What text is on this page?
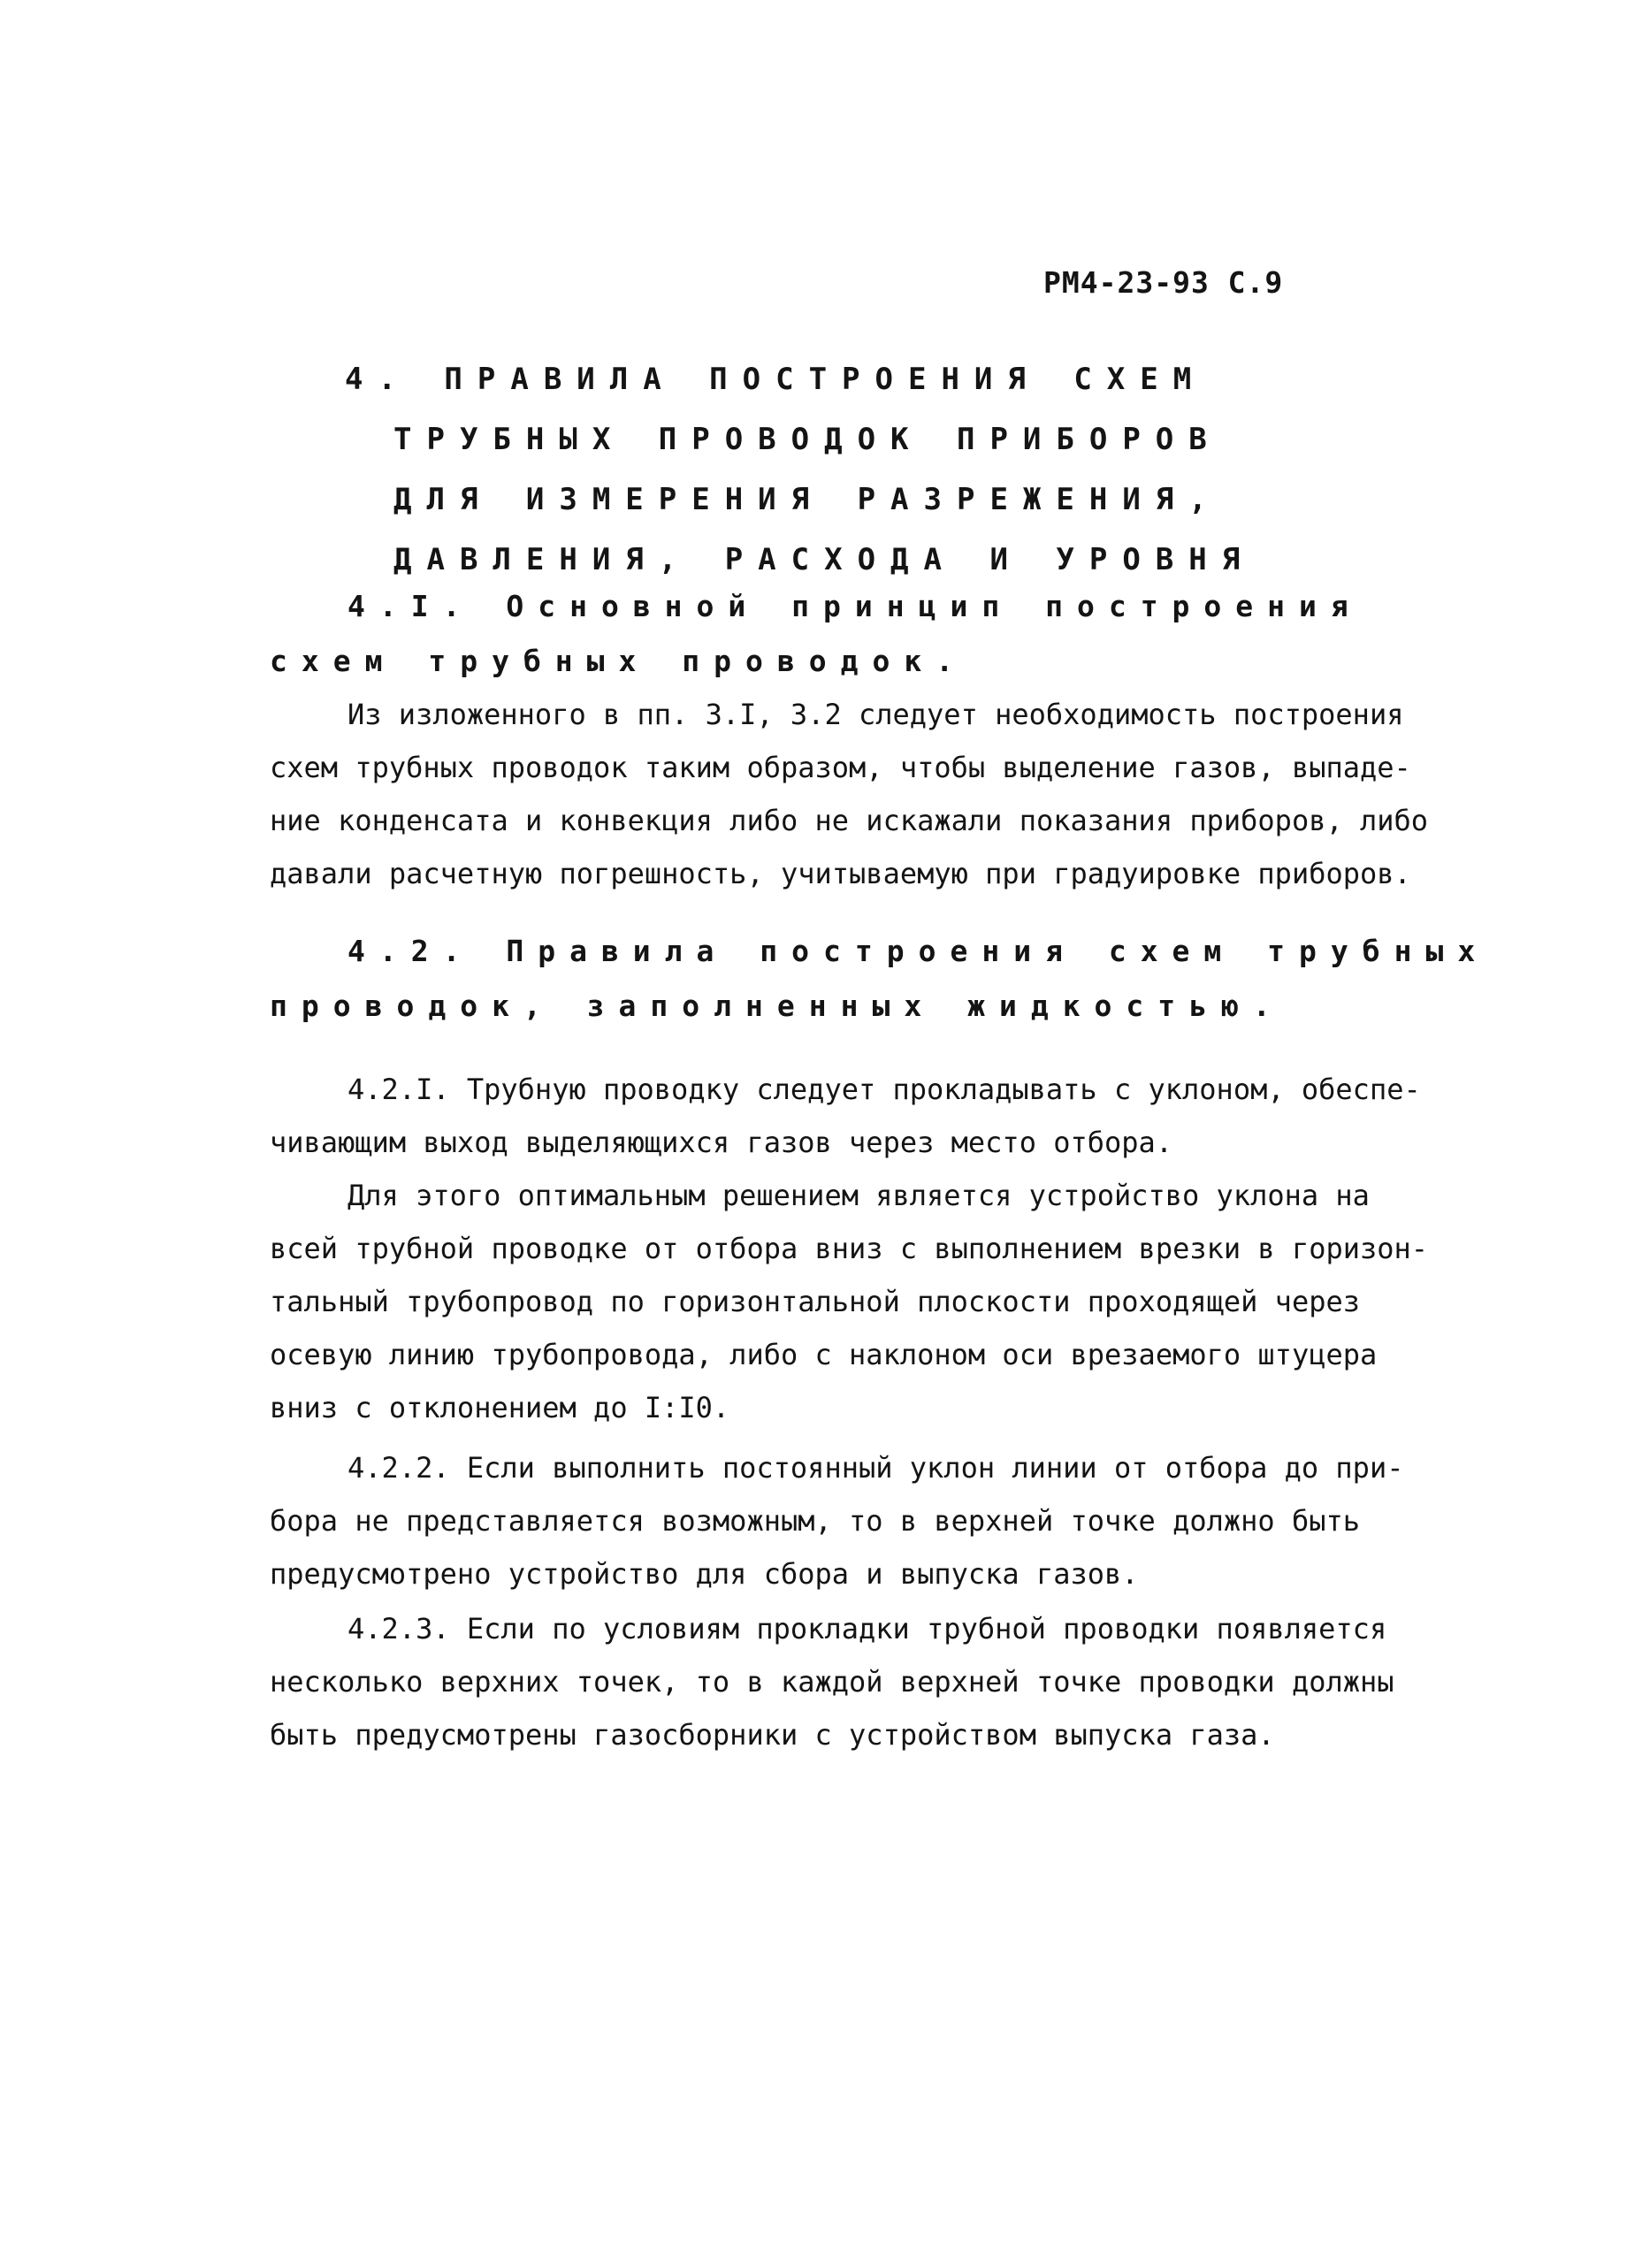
РМ4-23-93 С.9
4. ПРАВИЛА ПОСТРОЕНИЯ СХЕМ
ТРУБНЫХ ПРОВОДОК ПРИБОРОВ
ДЛЯ ИЗМЕРЕНИЯ РАЗРЕЖЕНИЯ,
ДАВЛЕНИЯ, РАСХОДА И УРОВНЯ
4.I. Основной принцип построения
схем трубных проводок.
Из изложенного в пп. 3.I, 3.2 следует необходимость построения
схем трубных проводок таким образом, чтобы выделение газов, выпаде-
ние конденсата и конвекция либо не искажали показания приборов, либо
давали расчетную погрешность, учитываемую при градуировке приборов.
4.2. Правила построения схем трубных
проводок, заполненных жидкостью.
4.2.I. Трубную проводку следует прокладывать с уклоном, обеспе-
чивающим выход выделяющихся газов через место отбора.
Для этого оптимальным решением является устройство уклона на
всей трубной проводке от отбора вниз с выполнением врезки в горизон-
тальный трубопровод по горизонтальной плоскости проходящей через
осевую линию трубопровода, либо с наклоном оси врезаемого штуцера
вниз с отклонением до I:I0.
4.2.2. Если выполнить постоянный уклон линии от отбора до при-
бора не представляется возможным, то в верхней точке должно быть
предусмотрено устройство для сбора и выпуска газов.
4.2.3. Если по условиям прокладки трубной проводки появляется
несколько верхних точек, то в каждой верхней точке проводки должны
быть предусмотрены газосборники с устройством выпуска газа.
